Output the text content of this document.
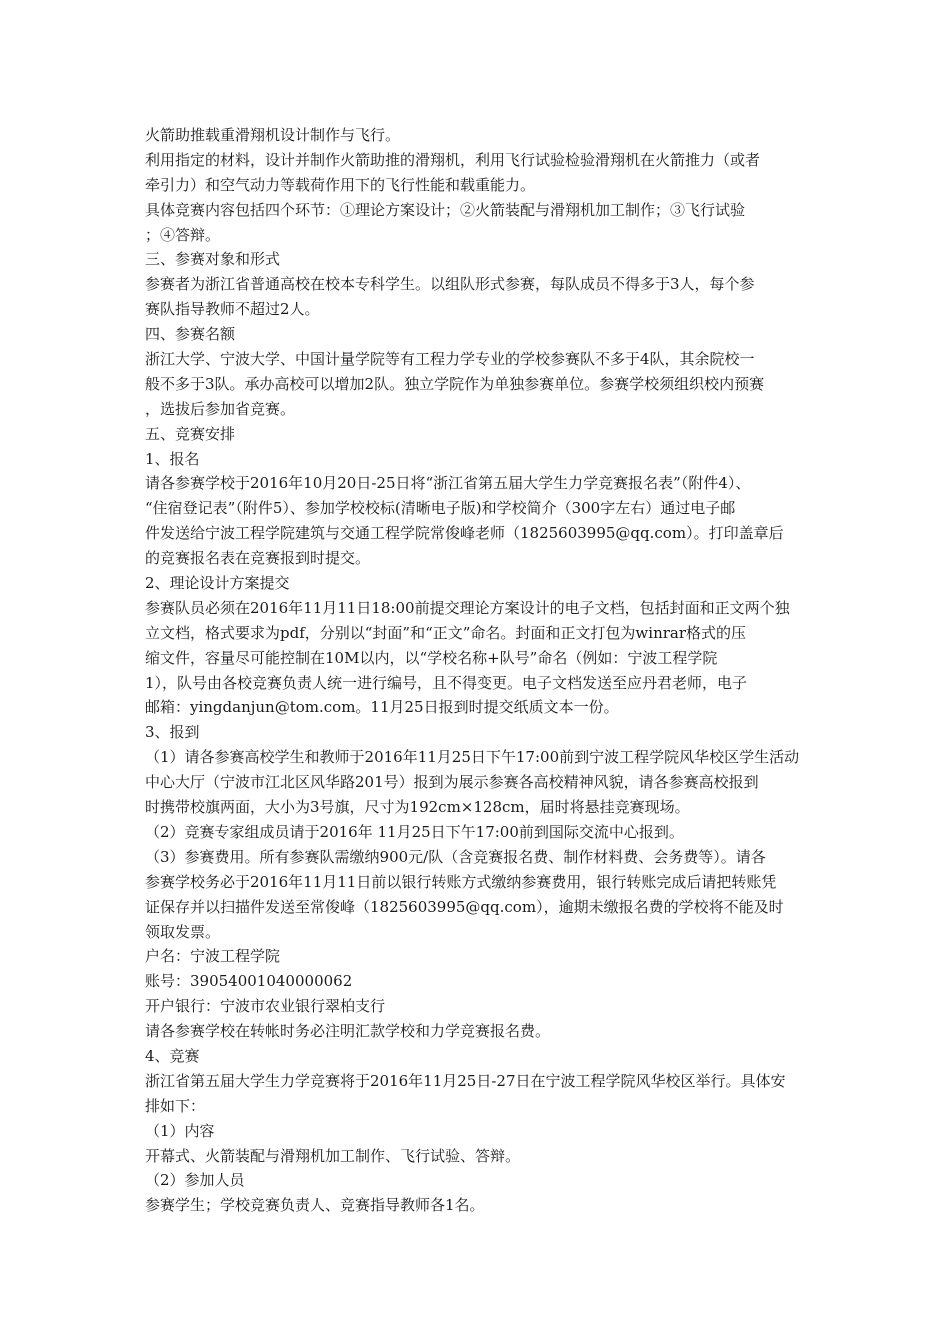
火箭助推载重滑翔机设计制作与飞行。
利用指定的材料，设计并制作火箭助推的滑翔机，利用飞行试验检验滑翔机在火箭推力（或者
牵引力）和空气动力等载荷作用下的飞行性能和载重能力。
具体竞赛内容包括四个环节：①理论方案设计；②火箭装配与滑翔机加工制作；③飞行试验
；④答辩。
三、参赛对象和形式
参赛者为浙江省普通高校在校本专科学生。以组队形式参赛，每队成员不得多于3人，每个参
赛队指导教师不超过2人。
四、参赛名额
浙江大学、宁波大学、中国计量学院等有工程力学专业的学校参赛队不多于4队，其余院校一
般不多于3队。承办高校可以增加2队。独立学院作为单独参赛单位。参赛学校须组织校内预赛
，选拔后参加省竞赛。
五、竞赛安排
1、报名
请各参赛学校于2016年10月20日-25日将“浙江省第五届大学生力学竞赛报名表”（附件4）、
“住宿登记表”（附件5）、参加学校校标(清晰电子版)和学校简介（300字左右）通过电子邮
件发送给宁波工程学院建筑与交通工程学院常俊峰老师（1825603995@qq.com）。打印盖章后
的竞赛报名表在竞赛报到时提交。
2、理论设计方案提交
参赛队员必须在2016年11月11日18:00前提交理论方案设计的电子文档，包括封面和正文两个独
立文档，格式要求为pdf，分别以“封面”和“正文”命名。封面和正文打包为winrar格式的压
缩文件，容量尽可能控制在10M以内，以“学校名称+队号”命名（例如：宁波工程学院
1），队号由各校竞赛负责人统一进行编号，且不得变更。电子文档发送至应丹君老师，电子
邮箱：yingdanjun@tom.com。11月25日报到时提交纸质文本一份。
3、报到
（1）请各参赛高校学生和教师于2016年11月25日下午17:00前到宁波工程学院风华校区学生活动
中心大厅（宁波市江北区风华路201号）报到为展示参赛各高校精神风貌，请各参赛高校报到
时携带校旗两面，大小为3号旗，尺寸为192cm×128cm，届时将悬挂竞赛现场。
（2）竞赛专家组成员请于2016年 11月25日下午17:00前到国际交流中心报到。
（3）参赛费用。所有参赛队需缴纳900元/队（含竞赛报名费、制作材料费、会务费等）。请各
参赛学校务必于2016年11月11日前以银行转账方式缴纳参赛费用，银行转账完成后请把转账凭
证保存并以扫描件发送至常俊峰（1825603995@qq.com），逾期未缴报名费的学校将不能及时
领取发票。
户名：宁波工程学院
账号：39054001040000062
开户银行：宁波市农业银行翠柏支行
请各参赛学校在转帐时务必注明汇款学校和力学竞赛报名费。
4、竞赛
浙江省第五届大学生力学竞赛将于2016年11月25日-27日在宁波工程学院风华校区举行。具体安
排如下：
（1）内容
开幕式、火箭装配与滑翔机加工制作、飞行试验、答辩。
（2）参加人员
参赛学生；学校竞赛负责人、竞赛指导教师各1名。
